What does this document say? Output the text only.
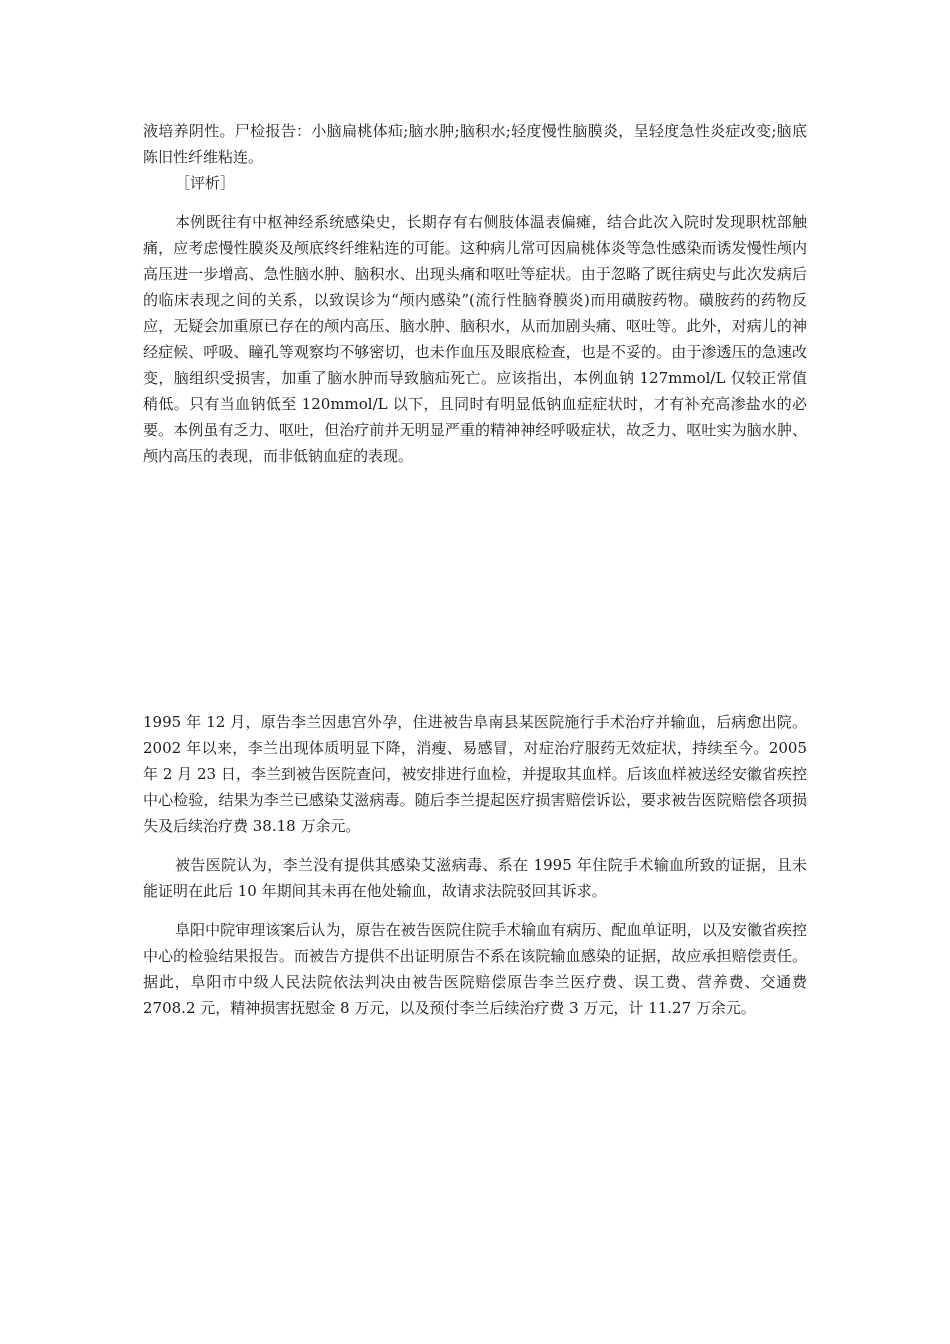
液培养阴性。尸检报告：小脑扁桃体疝;脑水肿;脑积水;轻度慢性脑膜炎，呈轻度急性炎症改变;脑底陈旧性纤维粘连。

［评析］

本例既往有中枢神经系统感染史，长期存有右侧肢体温表偏瘫，结合此次入院时发现职枕部触痛，应考虑慢性膜炎及颅底终纤维粘连的可能。这种病儿常可因扁桃体炎等急性感染而诱发慢性颅内高压进一步增高、急性脑水肿、脑积水、出现头痛和呕吐等症状。由于忽略了既往病史与此次发病后的临床表现之间的关系，以致误诊为“颅内感染”(流行性脑脊膜炎)而用磺胺药物。磺胺药的药物反应，无疑会加重原已存在的颅内高压、脑水肿、脑积水，从而加剧头痛、呕吐等。此外，对病儿的神经症候、呼吸、瞳孔等观察均不够密切，也未作血压及眼底检查，也是不妥的。由于渗透压的急速改变，脑组织受损害，加重了脑水肿而导致脑疝死亡。应该指出，本例血钠 127mmol/L 仅较正常值稍低。只有当血钠低至 120mmol/L 以下，且同时有明显低钠血症症状时，才有补充高渗盐水的必要。本例虽有乏力、呕吐，但治疗前并无明显严重的精神神经呼吸症状，故乏力、呕吐实为脑水肿、颅内高压的表现，而非低钠血症的表现。

1995 年 12 月，原告李兰因患宫外孕，住进被告阜南县某医院施行手术治疗并输血，后病愈出院。2002 年以来，李兰出现体质明显下降，消瘦、易感冒，对症治疗服药无效症状，持续至今。2005 年 2 月 23 日，李兰到被告医院查问，被安排进行血检，并提取其血样。后该血样被送经安徽省疾控中心检验，结果为李兰已感染艾滋病毒。随后李兰提起医疗损害赔偿诉讼，要求被告医院赔偿各项损失及后续治疗费 38.18 万余元。

被告医院认为，李兰没有提供其感染艾滋病毒、系在 1995 年住院手术输血所致的证据，且未能证明在此后 10 年期间其未再在他处输血，故请求法院驳回其诉求。

阜阳中院审理该案后认为，原告在被告医院住院手术输血有病历、配血单证明，以及安徽省疾控中心的检验结果报告。而被告方提供不出证明原告不系在该院输血感染的证据，故应承担赔偿责任。据此，阜阳市中级人民法院依法判决由被告医院赔偿原告李兰医疗费、误工费、营养费、交通费 2708.2 元，精神损害抚慰金 8 万元，以及预付李兰后续治疗费 3 万元，计 11.27 万余元。
